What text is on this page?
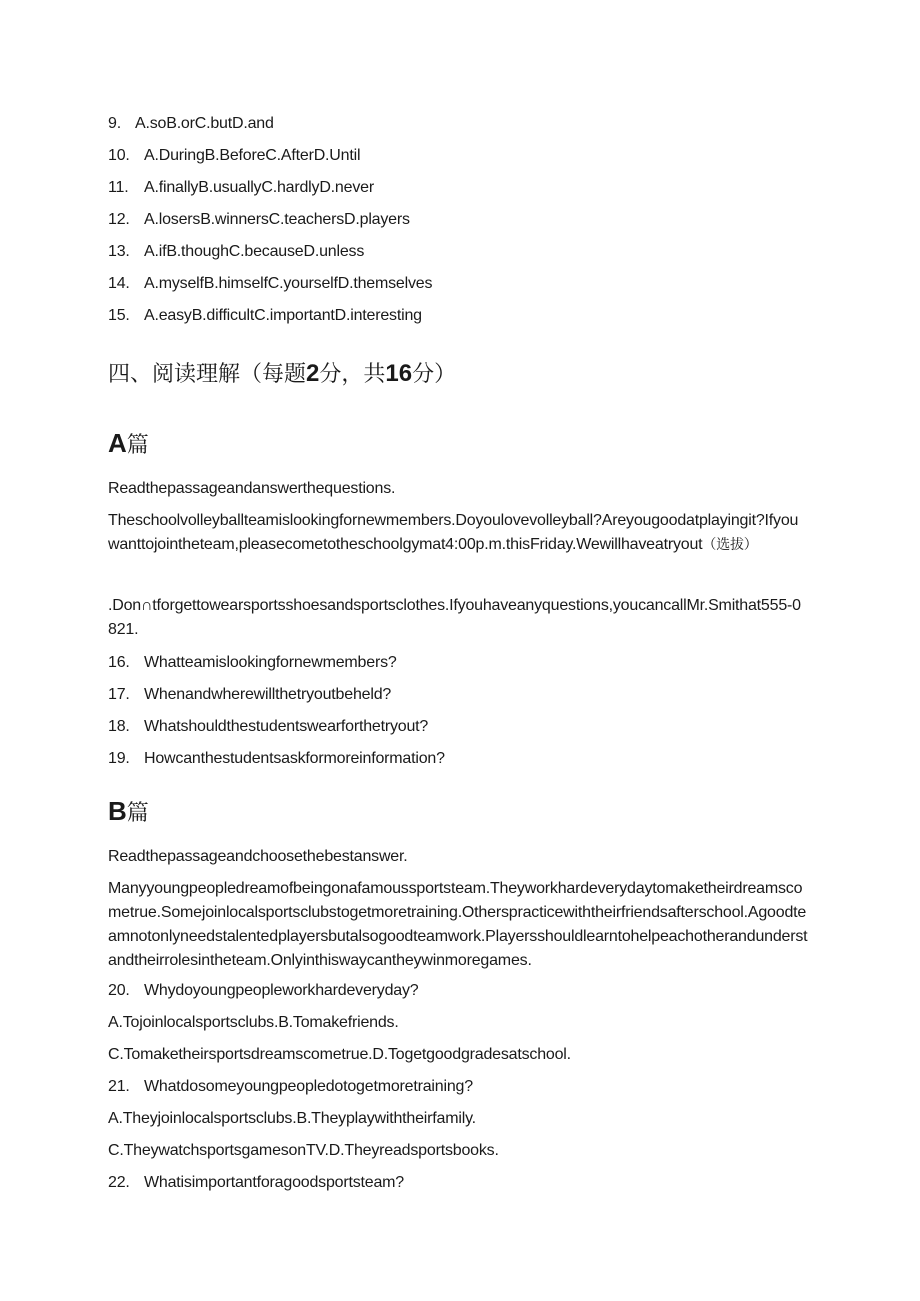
9. A.soB.orC.butD.and
10. A.DuringB.BeforeC.AfterD.Until
11. A.finallyB.usuallyC.hardlyD.never
12. A.losersB.winnersC.teachersD.players
13. A.ifB.thoughC.becauseD.unless
14. A.myselfB.himselfC.yourselfD.themselves
15. A.easyB.difficultC.importantD.interesting
四、阅读理解（每题2分，共16分）
A篇
Readthepassageandanswerthequestions.
Theschoolvolleyballteamislookingfornewmembers.Doyoulovevolleyball?Areyougoodatplayingit?Ifyouwanttojointheteam,pleasecometotheschoolgymat4:00p.m.thisFriday.Wewillhaveatryout（选拔）
.Don∩tforgettowearsportsshoesandsportsclothes.Ifyouhaveanyquestions,youcancallMr.Smithat555-0821.
16. Whatteamislookingfornewmembers?
17. Whenandwherewillthetryoutbeheld?
18. Whatshouldthestudentswearforthetryout?
19. Howcanthestudentsaskformoreinformation?
B篇
Readthepassageandchoosethebestanswer.
Manyyoungpeopledreamofbeingonafamoussportsteam.Theyworkhardeverydaytomaketheirdreamscometrue.Somejoinlocalsportsclubstogetmoretraining.Otherspracticewiththeirfriendsafterschool.Agoodteamnotonlyneedstalentedplayersbutalsogoodteamwork.Playersshouldlearntohelpeachotherandunderstandtheirrolesintheteam.Onlyinthiswaycantheywinmoregames.
20. Whydoyoungpeopleworkhardeveryday?
A.Tojoinlocalsportsclubs.B.Tomakefriends.
C.Tomaketheirsportsdreamscometrue.D.Togetgoodgradesatschool.
21. Whatdosomeyoungpeopledotogetmoretraining?
A.Theyjoinlocalsportsclubs.B.Theyplaywiththeirfamily.
C.TheywatchsportsgamesonTV.D.Theyreadsportsbooks.
22. Whatisimportantforagoodsportsteam?
